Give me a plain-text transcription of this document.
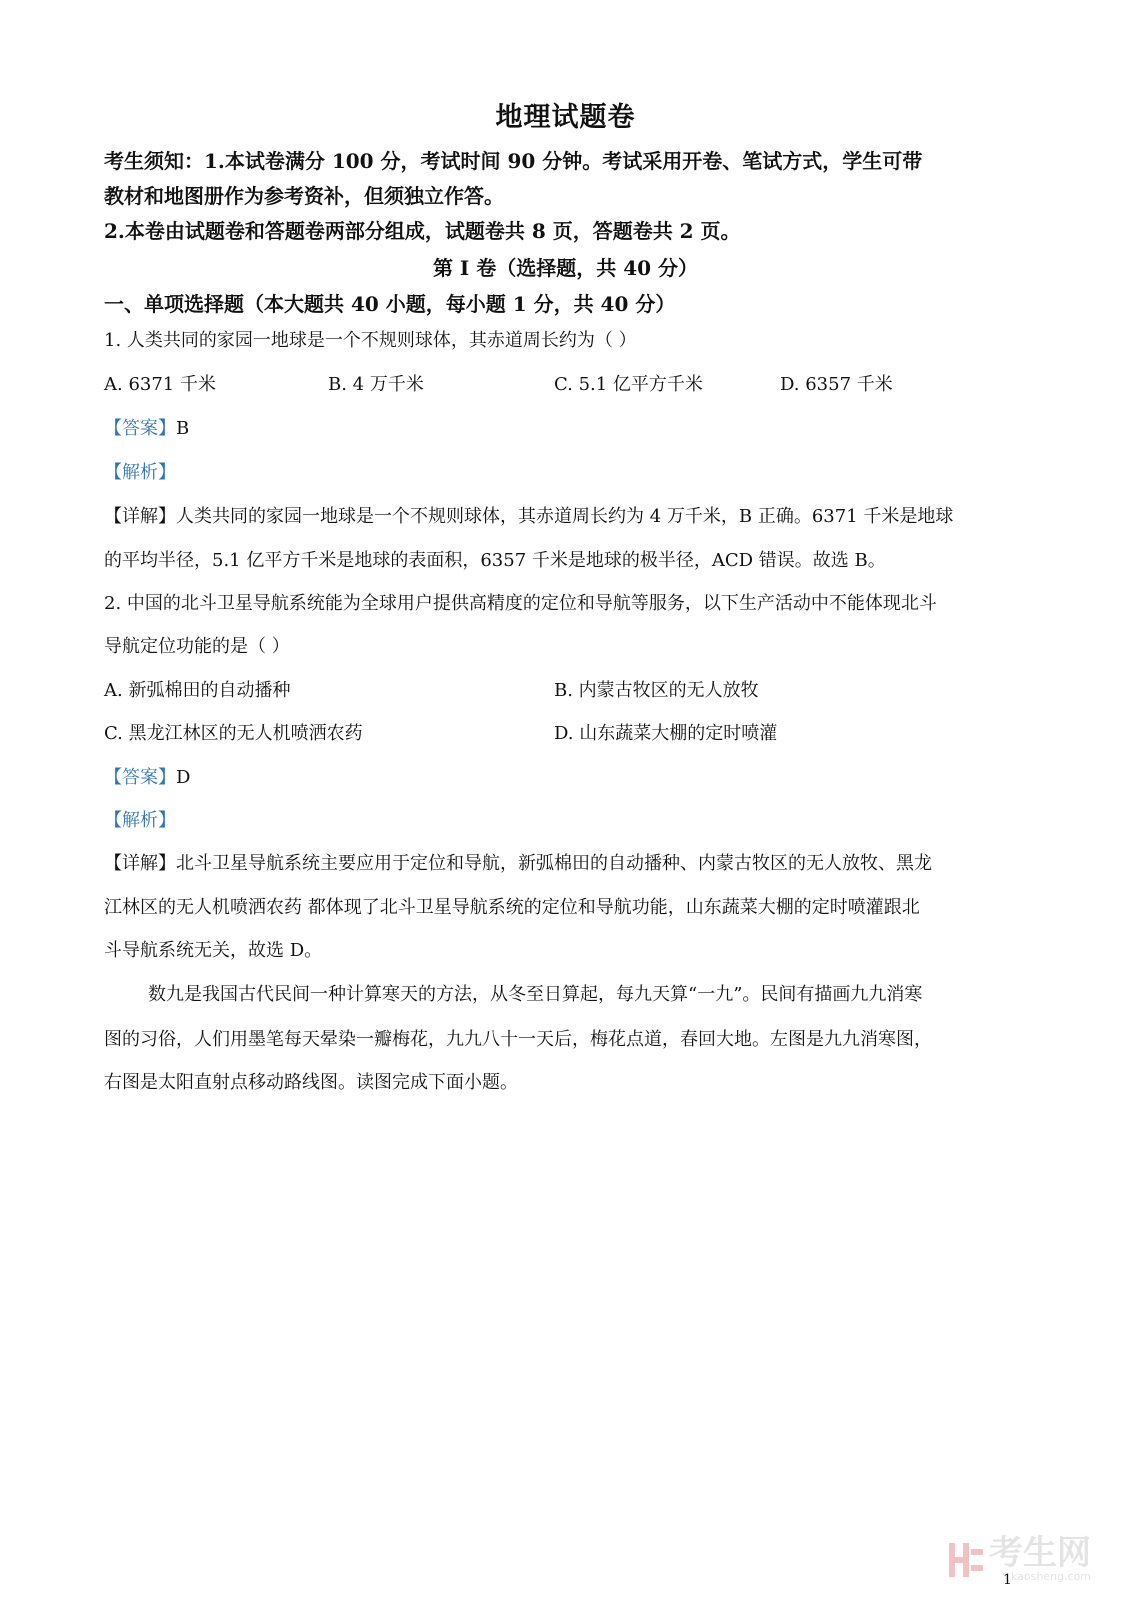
地理试题卷
考生须知：1.本试卷满分 100 分，考试时间 90 分钟。考试采用开卷、笔试方式，学生可带
教材和地图册作为参考资补，但须独立作答。
2.本卷由试题卷和答题卷两部分组成，试题卷共 8 页，答题卷共 2 页。
第 I 卷（选择题，共 40 分）
一、单项选择题（本大题共 40 小题，每小题 1 分，共 40 分）
1. 人类共同的家园一地球是一个不规则球体，其赤道周长约为（ ）
A. 6371 千米	B. 4 万千米	C. 5.1 亿平方千米	D. 6357 千米
【答案】B
【解析】
【详解】人类共同的家园一地球是一个不规则球体，其赤道周长约为 4 万千米，B 正确。6371 千米是地球
的平均半径，5.1 亿平方千米是地球的表面积，6357 千米是地球的极半径，ACD 错误。故选 B。
2. 中国的北斗卫星导航系统能为全球用户提供高精度的定位和导航等服务，以下生产活动中不能体现北斗
导航定位功能的是（ ）
A. 新弧棉田的自动播种	B. 内蒙古牧区的无人放牧
C. 黑龙江林区的无人机喷洒农药	D. 山东蔬菜大棚的定时喷灌
【答案】D
【解析】
【详解】北斗卫星导航系统主要应用于定位和导航，新弧棉田的自动播种、内蒙古牧区的无人放牧、黑龙
江林区的无人机喷洒农药 都体现了北斗卫星导航系统的定位和导航功能，山东蔬菜大棚的定时喷灌跟北
斗导航系统无关，故选 D。
数九是我国古代民间一种计算寒天的方法，从冬至日算起，每九天算“一九”。民间有描画九九消寒
图的习俗，人们用墨笔每天晕染一瓣梅花，九九八十一天后，梅花点道，春回大地。左图是九九消寒图，
右图是太阳直射点移动路线图。读图完成下面小题。
考生网
kaosheng.com
1
